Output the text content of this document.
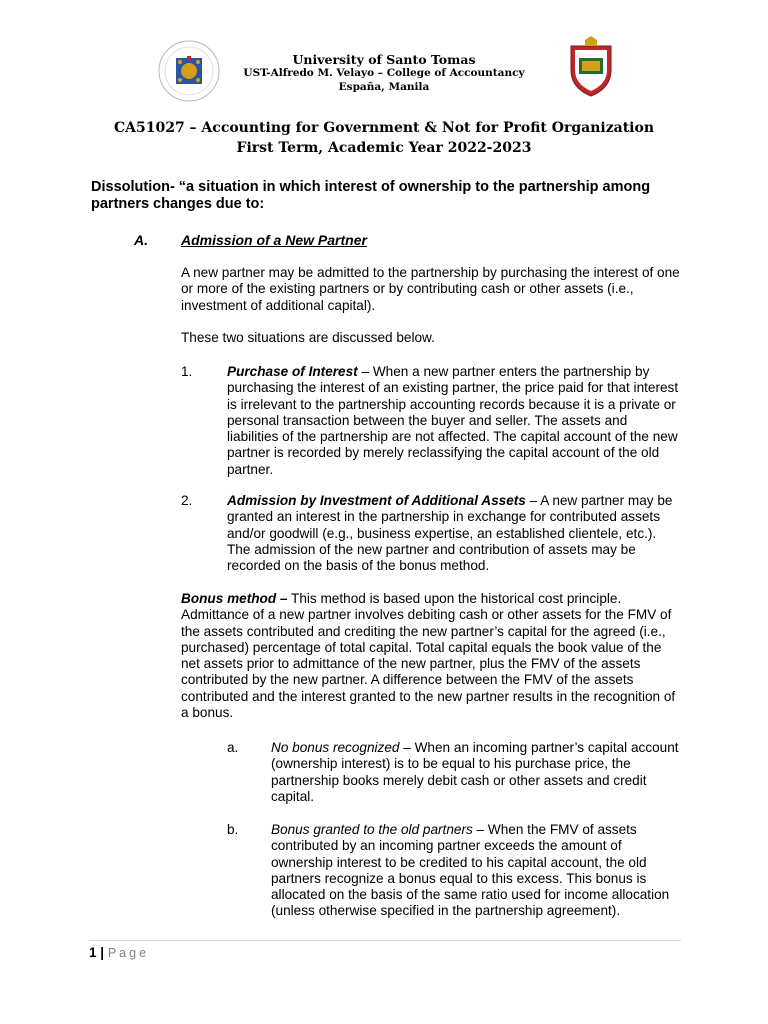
University of Santo Tomas
UST-Alfredo M. Velayo – College of Accountancy
España, Manila
CA51027 – Accounting for Government & Not for Profit Organization
First Term, Academic Year 2022-2023
Dissolution- “a situation in which interest of ownership to the partnership among partners changes due to:
A. Admission of a New Partner
A new partner may be admitted to the partnership by purchasing the interest of one or more of the existing partners or by contributing cash or other assets (i.e., investment of additional capital).
These two situations are discussed below.
1.	Purchase of Interest – When a new partner enters the partnership by purchasing the interest of an existing partner, the price paid for that interest is irrelevant to the partnership accounting records because it is a private or personal transaction between the buyer and seller. The assets and liabilities of the partnership are not affected. The capital account of the new partner is recorded by merely reclassifying the capital account of the old partner.
2.	Admission by Investment of Additional Assets – A new partner may be granted an interest in the partnership in exchange for contributed assets and/or goodwill (e.g., business expertise, an established clientele, etc.). The admission of the new partner and contribution of assets may be recorded on the basis of the bonus method.
Bonus method – This method is based upon the historical cost principle. Admittance of a new partner involves debiting cash or other assets for the FMV of the assets contributed and crediting the new partner’s capital for the agreed (i.e., purchased) percentage of total capital. Total capital equals the book value of the net assets prior to admittance of the new partner, plus the FMV of the assets contributed by the new partner. A difference between the FMV of the assets contributed and the interest granted to the new partner results in the recognition of a bonus.
a. No bonus recognized – When an incoming partner’s capital account (ownership interest) is to be equal to his purchase price, the partnership books merely debit cash or other assets and credit capital.
b. Bonus granted to the old partners – When the FMV of assets contributed by an incoming partner exceeds the amount of ownership interest to be credited to his capital account, the old partners recognize a bonus equal to this excess. This bonus is allocated on the basis of the same ratio used for income allocation (unless otherwise specified in the partnership agreement).
1 | Page
